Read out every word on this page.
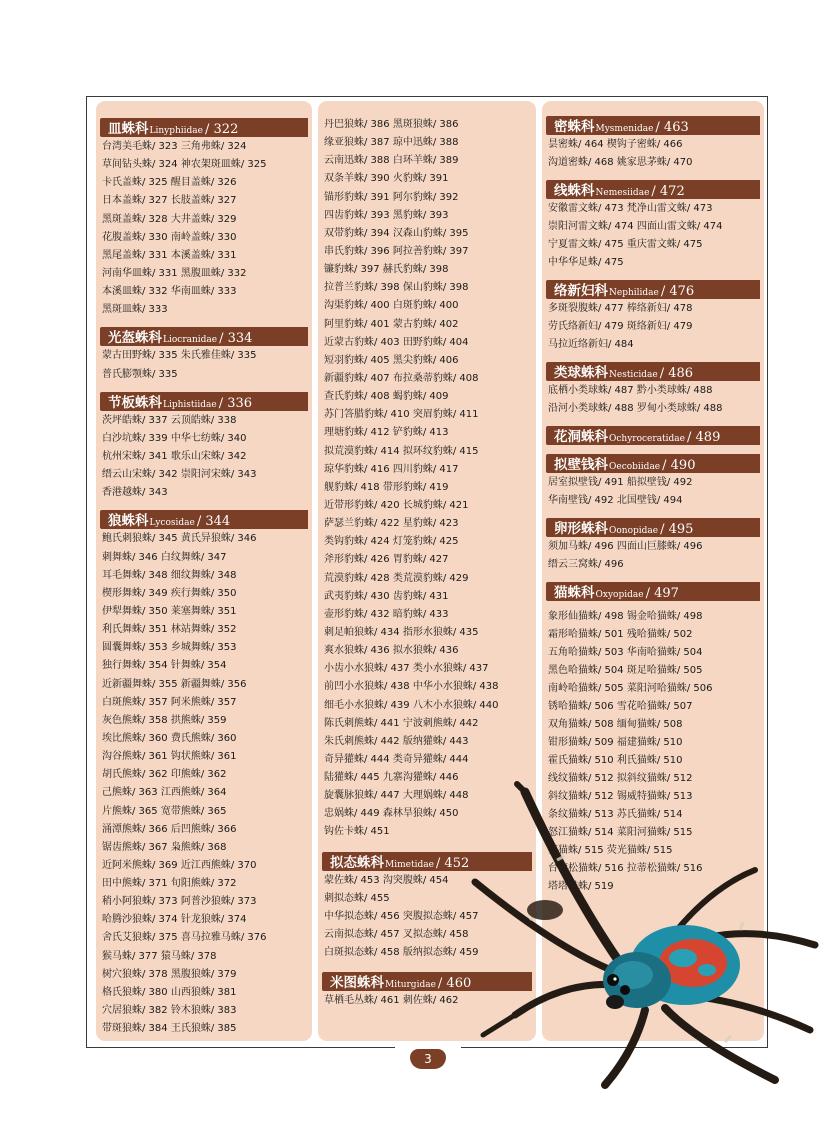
皿蛛科Linyphiidae / 322
台湾美毛蛛/ 323 三角弗蛛/ 324
草间钻头蛛/ 324 神农架斑皿蛛/ 325
卡氏盖蛛/ 325 醒目盖蛛/ 326
日本盖蛛/ 327 长肢盖蛛/ 327
黑斑盖蛛/ 328 大井盖蛛/ 329
花腹盖蛛/ 330 南岭盖蛛/ 330
黑尾盖蛛/ 331 本溪盖蛛/ 331
河南华皿蛛/ 331 黑腹皿蛛/ 332
本溪皿蛛/ 332 华南皿蛛/ 333
黑斑皿蛛/ 333
光盔蛛科Liocranidae / 334
蒙古田野蛛/ 335 朱氏雅佳蛛/ 335
普氏膨颚蛛/ 335
节板蛛科Liphistiidae / 336
茨坪皓蛛/ 337 云顶皓蛛/ 338
白沙坑蛛/ 339 中华七纺蛛/ 340
杭州宋蛛/ 341 歌乐山宋蛛/ 342
缙云山宋蛛/ 342 崇阳河宋蛛/ 343
香港越蛛/ 343
狼蛛科Lycosidae / 344
鲍氏刺狼蛛/ 345 黄氏异狼蛛/ 346
刺舞蛛/ 346 白纹舞蛛/ 347
耳毛舞蛛/ 348 细纹舞蛛/ 348
楔形舞蛛/ 349 疾行舞蛛/ 350
伊犁舞蛛/ 350 莱塞舞蛛/ 351
利氏舞蛛/ 351 林站舞蛛/ 352
圆囊舞蛛/ 353 乡城舞蛛/ 353
独行舞蛛/ 354 针舞蛛/ 354
近新疆舞蛛/ 355 新疆舞蛛/ 356
白斑熊蛛/ 357 阿米熊蛛/ 357
灰色熊蛛/ 358 拱熊蛛/ 359
埃比熊蛛/ 360 费氏熊蛛/ 360
沟谷熊蛛/ 361 钩状熊蛛/ 361
胡氏熊蛛/ 362 印熊蛛/ 362
己熊蛛/ 363 江西熊蛛/ 364
片熊蛛/ 365 宽带熊蛛/ 365
涌潭熊蛛/ 366 后凹熊蛛/ 366
锯齿熊蛛/ 367 枭熊蛛/ 368
近阿米熊蛛/ 369 近江西熊蛛/ 370
田中熊蛛/ 371 旬阳熊蛛/ 372
稍小阿狼蛛/ 373 阿普沙狼蛛/ 373
哈腾沙狼蛛/ 374 针龙狼蛛/ 374
舍氏艾狼蛛/ 375 喜马拉雅马蛛/ 376
猴马蛛/ 377 猿马蛛/ 378
树穴狼蛛/ 378 黑腹狼蛛/ 379
格氏狼蛛/ 380 山西狼蛛/ 381
穴居狼蛛/ 382 铃木狼蛛/ 383
带斑狼蛛/ 384 王氏狼蛛/ 385
丹巴狼蛛/ 386 黑斑狼蛛/ 386
缘亚狼蛛/ 387 琼中迅蛛/ 388
云南迅蛛/ 388 白环羊蛛/ 389
双条羊蛛/ 390 火豹蛛/ 391
锚形豹蛛/ 391 阿尔豹蛛/ 392
四齿豹蛛/ 393 黑豹蛛/ 393
双带豹蛛/ 394 汉森山豹蛛/ 395
串氏豹蛛/ 396 阿拉善豹蛛/ 397
镰豹蛛/ 397 赫氏豹蛛/ 398
拉普兰豹蛛/ 398 保山豹蛛/ 398
沟渠豹蛛/ 400 白斑豹蛛/ 400
阿里豹蛛/ 401 蒙古豹蛛/ 402
近蒙古豹蛛/ 403 田野豹蛛/ 404
短羽豹蛛/ 405 黑尖豹蛛/ 406
新疆豹蛛/ 407 布拉桑蒂豹蛛/ 408
查氏豹蛛/ 408 蝎豹蛛/ 409
苏门答腊豹蛛/ 410 突眉豹蛛/ 411
理塘豹蛛/ 412 铲豹蛛/ 413
拟荒漠豹蛛/ 414 拟环纹豹蛛/ 415
琼华豹蛛/ 416 四川豹蛛/ 417
舰豹蛛/ 418 带形豹蛛/ 419
近带形豹蛛/ 420 长城豹蛛/ 421
萨瑟兰豹蛛/ 422 星豹蛛/ 423
类钩豹蛛/ 424 灯笼豹蛛/ 425
斧形豹蛛/ 426 胃豹蛛/ 427
荒漠豹蛛/ 428 类荒漠豹蛛/ 429
武夷豹蛛/ 430 齿豹蛛/ 431
壶形豹蛛/ 432 暗豹蛛/ 433
刺足帕狼蛛/ 434 指形水狼蛛/ 435
爽水狼蛛/ 436 拟水狼蛛/ 436
小齿小水狼蛛/ 437 类小水狼蛛/ 437
前凹小水狼蛛/ 438 中华小水狼蛛/ 438
细毛小水狼蛛/ 439 八木小水狼蛛/ 440
陈氏刺熊蛛/ 441 宁波刺熊蛛/ 442
朱氏刺熊蛛/ 442 版纳獾蛛/ 443
奇异獾蛛/ 444 类奇异獾蛛/ 444
陆獾蛛/ 445 九寨沟獾蛛/ 446
旋囊脉狼蛛/ 447 大理娲蛛/ 448
忠娲蛛/ 449 森林旱狼蛛/ 450
钩佐卡蛛/ 451
拟态蛛科Mimetidae / 452
蒙佐蛛/ 453 沟突腹蛛/ 454
刺拟态蛛/ 455
中华拟态蛛/ 456 突腹拟态蛛/ 457
云南拟态蛛/ 457 叉拟态蛛/ 458
白斑拟态蛛/ 458 版纳拟态蛛/ 459
米图蛛科Miturgidae / 460
草栖毛丛蛛/ 461 刺佐蛛/ 462
密蛛科Mysmenidae / 463
昙密蛛/ 464 楔钩子密蛛/ 466
沟道密蛛/ 468 姚家思茅蛛/ 470
线蛛科Nemesiidae / 472
安徽雷文蛛/ 473 梵净山雷文蛛/ 473
崇阳河雷文蛛/ 474 四面山雷文蛛/ 474
宁夏雷文蛛/ 475 重庆雷文蛛/ 475
中华华足蛛/ 475
络新妇科Nephilidae / 476
多斑裂腹蛛/ 477 棒络新妇/ 478
劳氏络新妇/ 479 斑络新妇/ 479
马拉近络新妇/ 484
类球蛛科Nesticidae / 486
底栖小类球蛛/ 487 黔小类球蛛/ 488
沿河小类球蛛/ 488 罗甸小类球蛛/ 488
花洞蛛科Ochyroceratidae / 489
拟壁钱科Oecobiidae / 490
居室拟壁钱/ 491 船拟壁钱/ 492
华南壁钱/ 492 北国壁钱/ 494
卵形蛛科Oonopidae / 495
须加马蛛/ 496 四面山巨膝蛛/ 496
缙云三窝蛛/ 496
猫蛛科Oxyopidae / 497
象形仙猫蛛/ 498 锡金哈猫蛛/ 498
霜形哈猫蛛/ 501 残哈猫蛛/ 502
五角哈猫蛛/ 503 华南哈猫蛛/ 504
黑色哈猫蛛/ 504 斑足哈猫蛛/ 505
南岭哈猫蛛/ 505 菜阳河哈猫蛛/ 506
锈哈猫蛛/ 506 雪花哈猫蛛/ 507
双角猫蛛/ 508 缅甸猫蛛/ 508
钳形猫蛛/ 509 福建猫蛛/ 510
霍氏猫蛛/ 510 利氏猫蛛/ 510
线纹猫蛛/ 512 拟斜纹猫蛛/ 512
斜纹猫蛛/ 512 锡威特猫蛛/ 513
条纹猫蛛/ 513 苏氏猫蛛/ 514
怒江猫蛛/ 514 菜阳河猫蛛/ 515
亮猫蛛/ 515 荧光猫蛛/ 515
台湾松猫蛛/ 516 拉蒂松猫蛛/ 516
塔塔猫蛛/ 519
3
